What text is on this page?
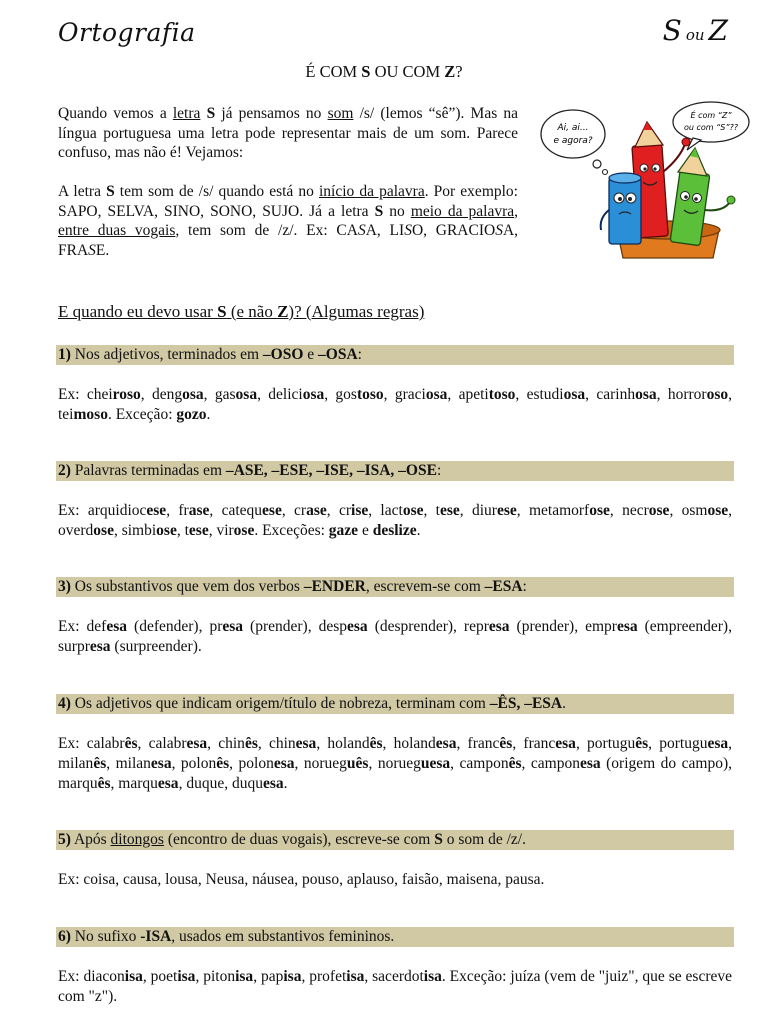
Ortografia	Sou Z
É COM S OU COM Z?

Quando vemos a letra S já pensamos no som /s/ (lemos “sê”). Mas na língua portuguesa uma letra pode representar mais de um som. Parece confuso, mas não é! Vejamos:

A letra S tem som de /s/ quando está no início da palavra. Por exemplo: SAPO, SELVA, SINO, SONO, SUJO. Já a letra S no meio da palavra, entre duas vogais, tem som de /z/. Ex: CASA, LISO, GRACIOSA, FRASE.

Ai, ai...
e agora?
É com “Z”
ou com “S”??
E quando eu devo usar S (e não Z)? (Algumas regras)
1) Nos adjetivos, terminados em –OSO e –OSA:

Ex: cheiroso, dengosa, gasosa, deliciosa, gostoso, graciosa, apetitoso, estudiosa, carinhosa, horroroso, teimoso. Exceção: gozo.

2) Palavras terminadas em –ASE, –ESE, –ISE, –ISA, –OSE:

Ex: arquidiocese, frase, catequese, crase, crise, lactose, tese, diurese, metamorfose, necrose, osmose, overdose, simbiose, tese, virose. Exceções: gaze e deslize.

3) Os substantivos que vem dos verbos –ENDER, escrevem-se com –ESA:

Ex: defesa (defender), presa (prender), despesa (desprender), represa (prender), empresa (empreender), surpresa (surpreender).

4) Os adjetivos que indicam origem/título de nobreza, terminam com –ÊS, –ESA.

Ex: calabrês, calabresa, chinês, chinesa, holandês, holandesa, francês, francesa, português, portuguesa, milanês, milanesa, polonês, polonesa, norueguês, norueguesa, camponês, camponesa (origem do campo), marquês, marquesa, duque, duquesa.

5) Após ditongos (encontro de duas vogais), escreve-se com S o som de /z/.

Ex: coisa, causa, lousa, Neusa, náusea, pouso, aplauso, faisão, maisena, pausa.

6) No sufixo -ISA, usados em substantivos femininos.

Ex: diaconisa, poetisa, pitonisa, papisa, profetisa, sacerdotisa. Exceção: juíza (vem de "juiz", que se escreve com "z").
